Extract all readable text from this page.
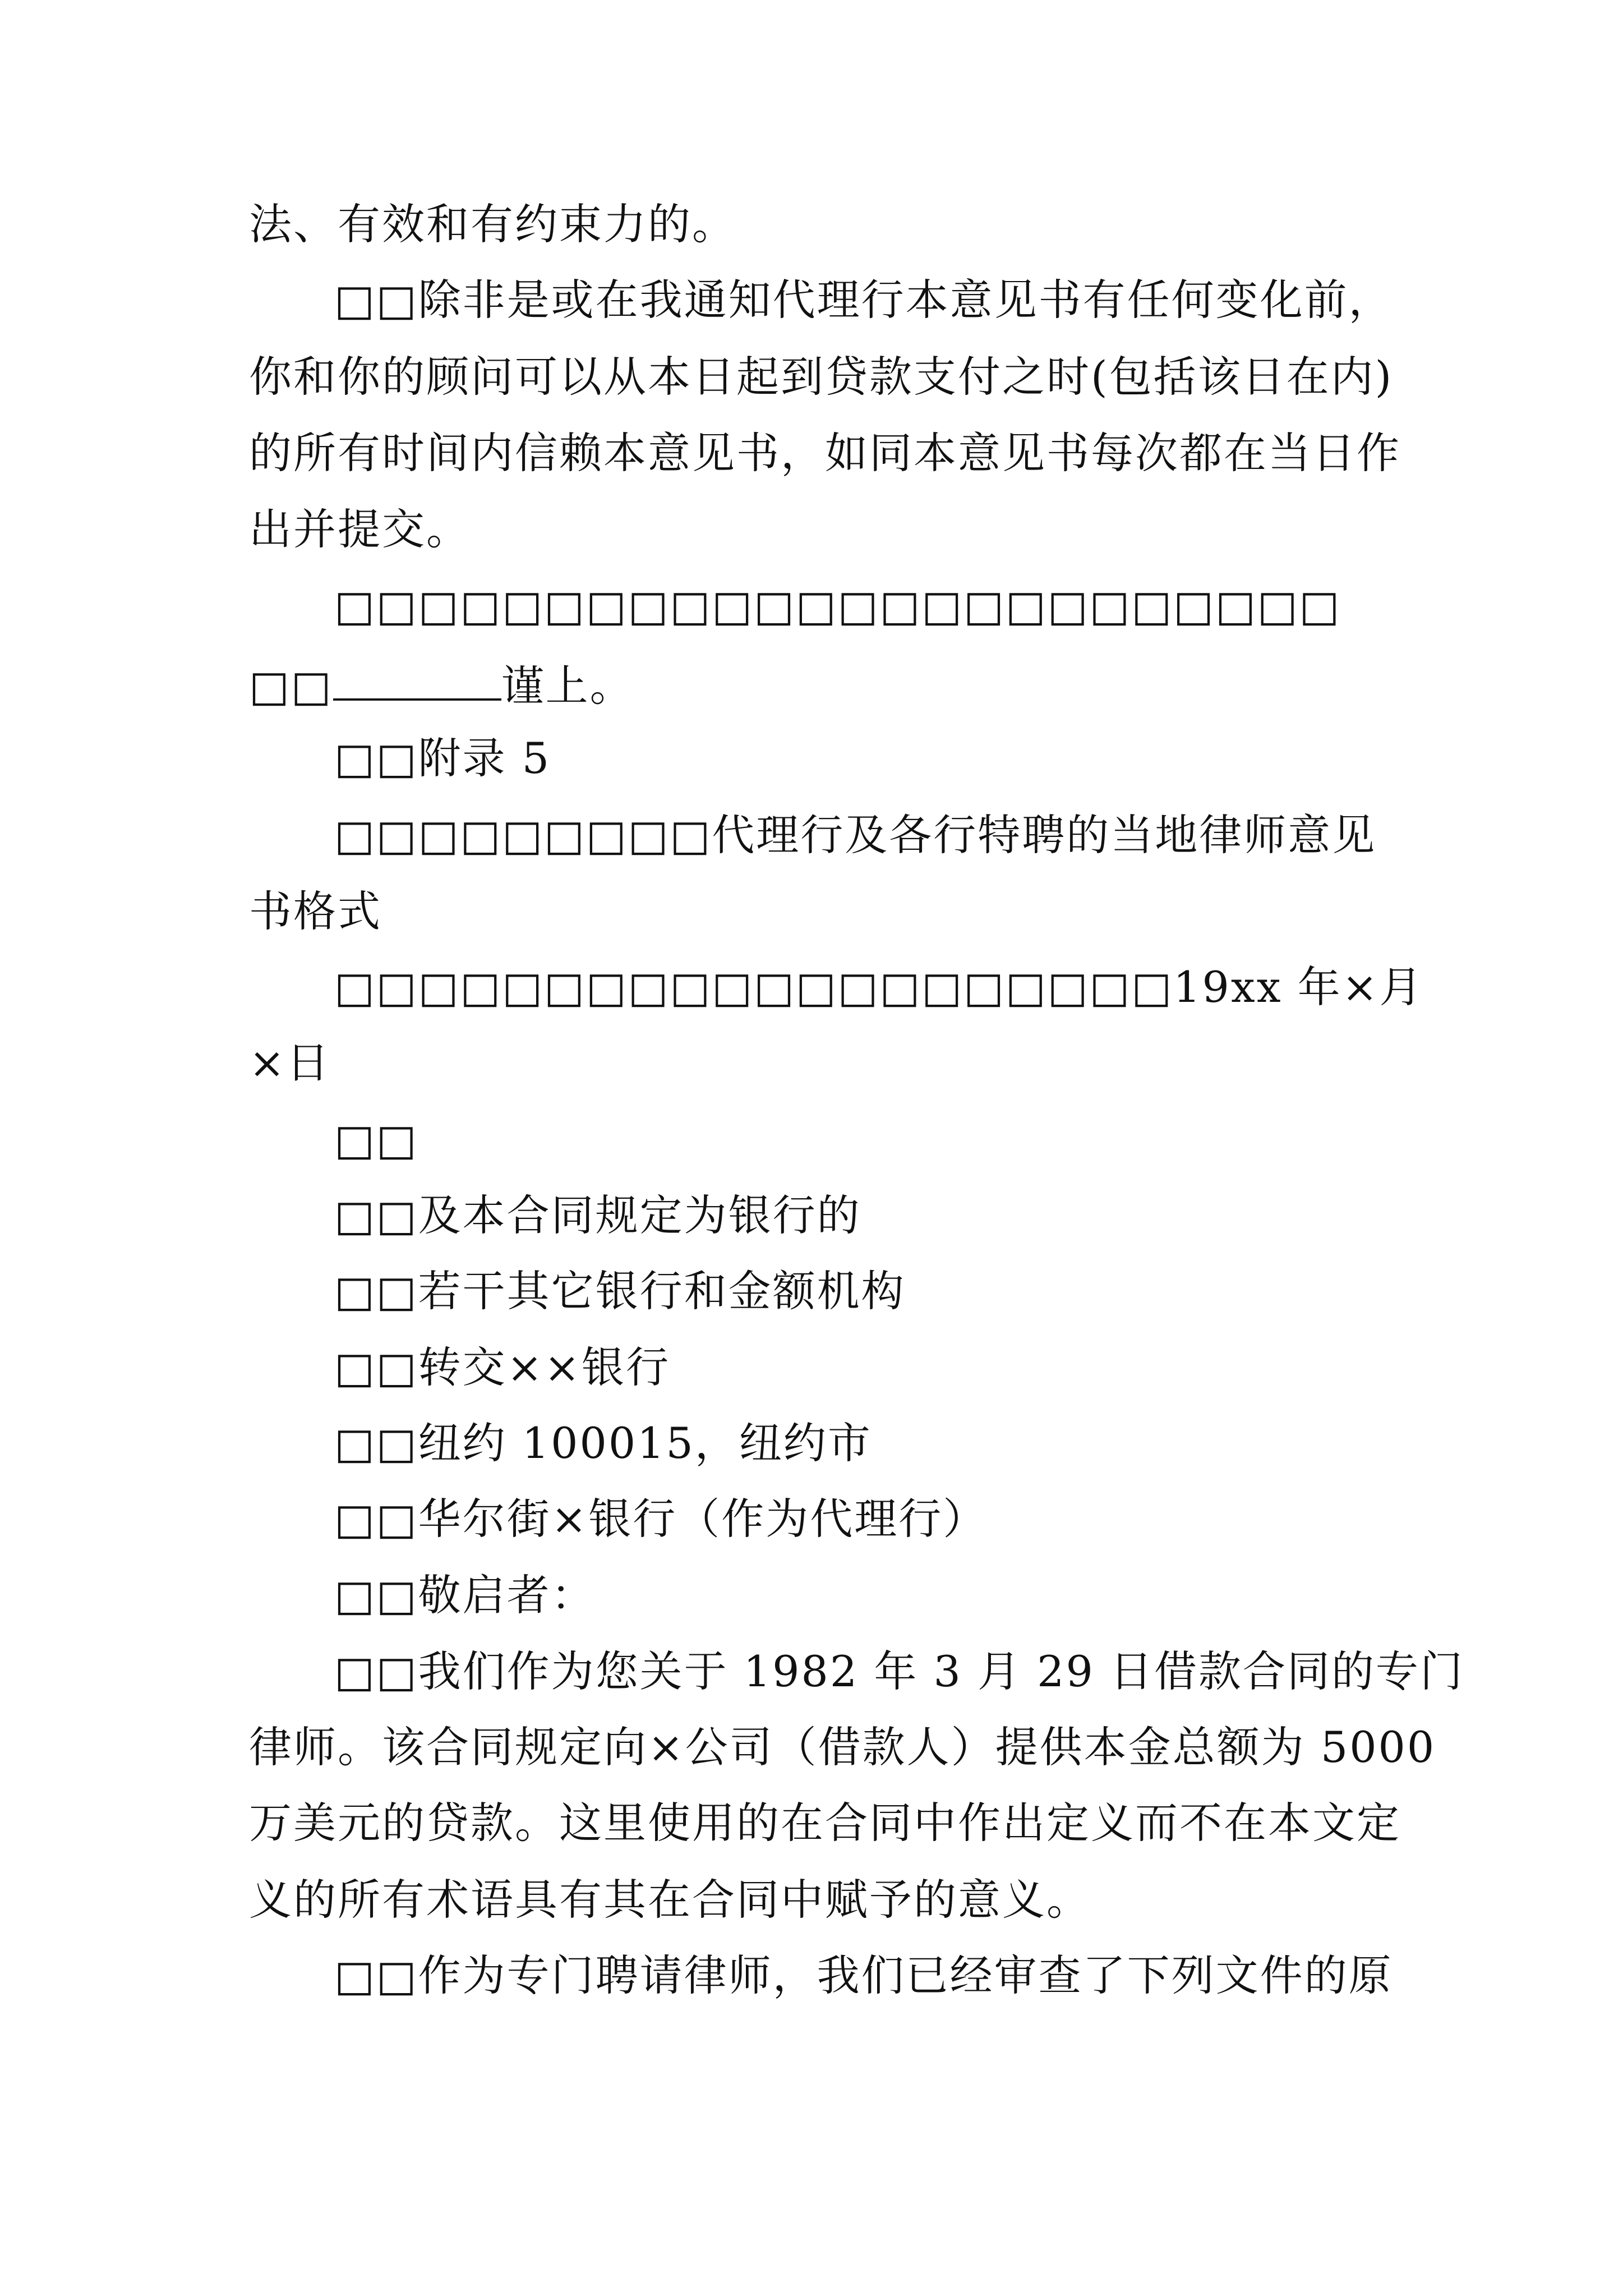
法、有效和有约束力的。
□□除非是或在我通知代理行本意见书有任何变化前，
你和你的顾问可以从本日起到贷款支付之时(包括该日在内)
的所有时间内信赖本意见书，如同本意见书每次都在当日作
出并提交。
□□□□□□□□□□□□□□□□□□□□□□□□
□□	谨上。
□□附录 5
□□□□□□□□□代理行及各行特聘的当地律师意见
书格式
□□□□□□□□□□□□□□□□□□□□19xx 年×月
×日
□□
□□及本合同规定为银行的
□□若干其它银行和金额机构
□□转交××银行
□□纽约 100015，纽约市
□□华尔街×银行（作为代理行）
□□敬启者：
□□我们作为您关于 1982 年 3 月 29 日借款合同的专门
律师。该合同规定向×公司（借款人）提供本金总额为 5000
万美元的贷款。这里使用的在合同中作出定义而不在本文定
义的所有术语具有其在合同中赋予的意义。
□□作为专门聘请律师，我们已经审查了下列文件的原
